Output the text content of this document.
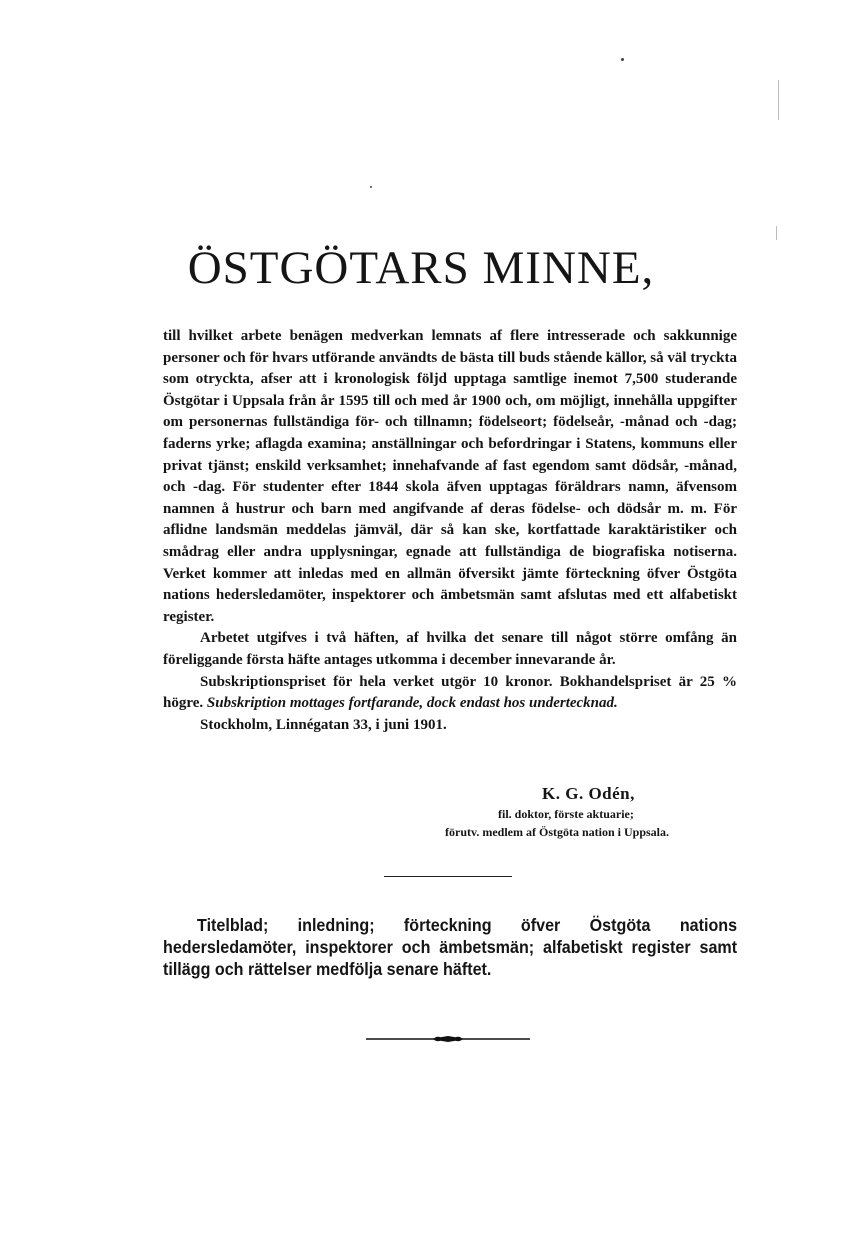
ÖSTGÖTARS MINNE,

till hvilket arbete benägen medverkan lemnats af flere intresserade och sakkunnige personer och för hvars utförande användts de bästa till buds stående källor, så väl tryckta som otryckta, afser att i kronologisk följd upptaga samtlige inemot 7,500 studerande Östgötar i Uppsala från år 1595 till och med år 1900 och, om möjligt, innehålla uppgifter om personernas fullständiga för- och tillnamn; födelseort; födelseår, -månad och -dag; faderns yrke; aflagda examina; anställningar och befordringar i Statens, kommuns eller privat tjänst; enskild verksamhet; innehafvande af fast egendom samt dödsår, -månad, och -dag. För studenter efter 1844 skola äfven upptagas föräldrars namn, äfvensom namnen å hustrur och barn med angifvande af deras födelse- och dödsår m. m. För aflidne landsmän meddelas jämväl, där så kan ske, kortfattade karaktäristiker och smådrag eller andra upplysningar, egnade att fullständiga de biografiska notiserna. Verket kommer att inledas med en allmän öfversikt jämte förteckning öfver Östgöta nations hedersledamöter, inspektorer och ämbetsmän samt afslutas med ett alfabetiskt register.

Arbetet utgifves i två häften, af hvilka det senare till något större omfång än föreliggande första häfte antages utkomma i december innevarande år.

Subskriptionspriset för hela verket utgör 10 kronor. Bokhandelspriset är 25 % högre. Subskription mottages fortfarande, dock endast hos undertecknad.

Stockholm, Linnégatan 33, i juni 1901.

K. G. Odén,
fil. doktor, förste aktuarie;
förutv. medlem af Östgöta nation i Uppsala.

Titelblad; inledning; förteckning öfver Östgöta nations hedersledamöter, inspektorer och ämbetsmän; alfabetiskt register samt tillägg och rättelser medfölja senare häftet.
